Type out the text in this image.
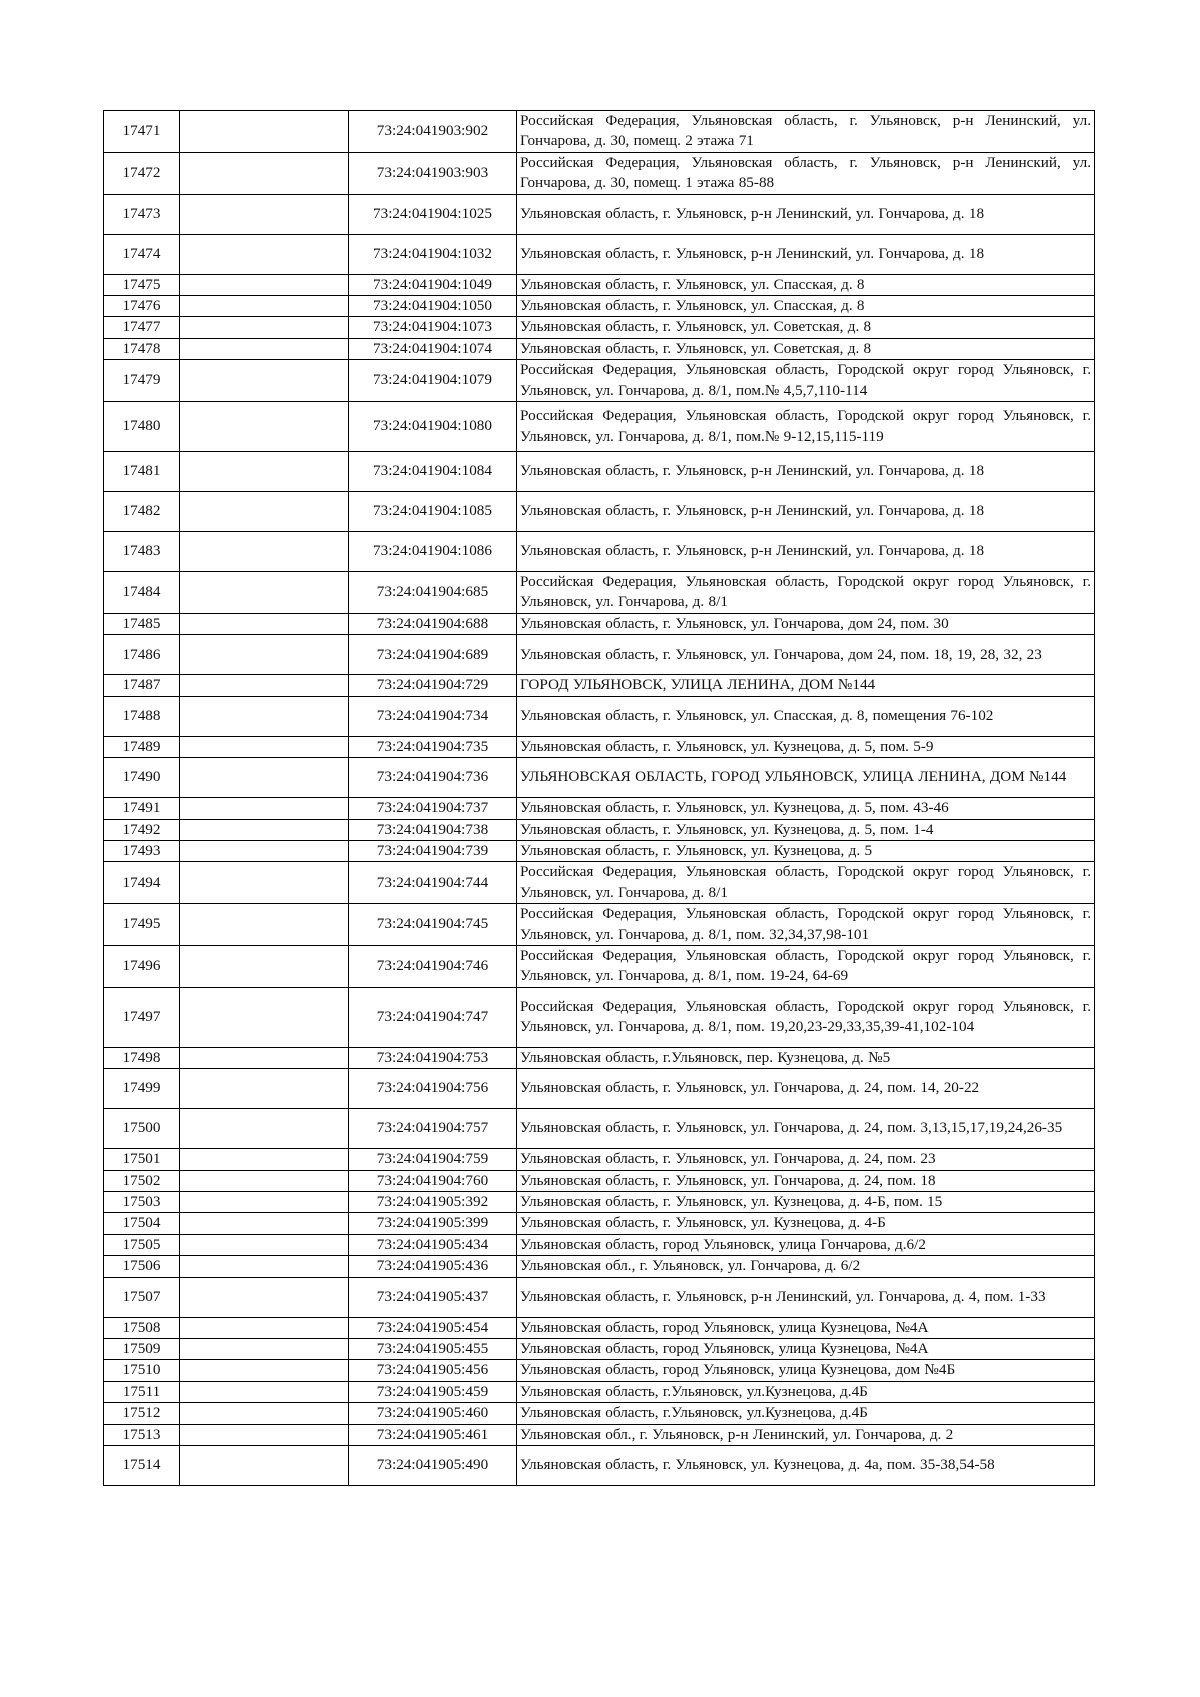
17471		73:24:041903:902	Российская Федерация, Ульяновская область, г. Ульяновск, р-н Ленинский, ул. Гончарова, д. 30, помещ. 2 этажа 71
17472		73:24:041903:903	Российская Федерация, Ульяновская область, г. Ульяновск, р-н Ленинский, ул. Гончарова, д. 30, помещ. 1 этажа 85-88
17473		73:24:041904:1025	Ульяновская область, г. Ульяновск, р-н Ленинский, ул. Гончарова, д. 18
17474		73:24:041904:1032	Ульяновская область, г. Ульяновск, р-н Ленинский, ул. Гончарова, д. 18
17475		73:24:041904:1049	Ульяновская область, г. Ульяновск, ул. Спасская, д. 8
17476		73:24:041904:1050	Ульяновская область, г. Ульяновск, ул. Спасская, д. 8
17477		73:24:041904:1073	Ульяновская область, г. Ульяновск, ул. Советская, д. 8
17478		73:24:041904:1074	Ульяновская область, г. Ульяновск, ул. Советская, д. 8
17479		73:24:041904:1079	Российская Федерация, Ульяновская область, Городской округ город Ульяновск, г. Ульяновск, ул. Гончарова, д. 8/1, пом.№ 4,5,7,110-114
17480		73:24:041904:1080	Российская Федерация, Ульяновская область, Городской округ город Ульяновск, г. Ульяновск, ул. Гончарова, д. 8/1, пом.№ 9-12,15,115-119
17481		73:24:041904:1084	Ульяновская область, г. Ульяновск, р-н Ленинский, ул. Гончарова, д. 18
17482		73:24:041904:1085	Ульяновская область, г. Ульяновск, р-н Ленинский, ул. Гончарова, д. 18
17483		73:24:041904:1086	Ульяновская область, г. Ульяновск, р-н Ленинский, ул. Гончарова, д. 18
17484		73:24:041904:685	Российская Федерация, Ульяновская область, Городской округ город Ульяновск, г. Ульяновск, ул. Гончарова, д. 8/1
17485		73:24:041904:688	Ульяновская область, г. Ульяновск, ул. Гончарова, дом 24, пом. 30
17486		73:24:041904:689	Ульяновская область, г. Ульяновск, ул. Гончарова, дом 24, пом. 18, 19, 28, 32, 23
17487		73:24:041904:729	ГОРОД УЛЬЯНОВСК, УЛИЦА ЛЕНИНА, ДОМ №144
17488		73:24:041904:734	Ульяновская область, г. Ульяновск, ул. Спасская, д. 8, помещения 76-102
17489		73:24:041904:735	Ульяновская область, г. Ульяновск, ул. Кузнецова, д. 5, пом. 5-9
17490		73:24:041904:736	УЛЬЯНОВСКАЯ ОБЛАСТЬ, ГОРОД УЛЬЯНОВСК, УЛИЦА ЛЕНИНА, ДОМ №144
17491		73:24:041904:737	Ульяновская область, г. Ульяновск, ул. Кузнецова, д. 5, пом. 43-46
17492		73:24:041904:738	Ульяновская область, г. Ульяновск, ул. Кузнецова, д. 5, пом. 1-4
17493		73:24:041904:739	Ульяновская область, г. Ульяновск, ул. Кузнецова, д. 5
17494		73:24:041904:744	Российская Федерация, Ульяновская область, Городской округ город Ульяновск, г. Ульяновск, ул. Гончарова, д. 8/1
17495		73:24:041904:745	Российская Федерация, Ульяновская область, Городской округ город Ульяновск, г. Ульяновск, ул. Гончарова, д. 8/1, пом. 32,34,37,98-101
17496		73:24:041904:746	Российская Федерация, Ульяновская область, Городской округ город Ульяновск, г. Ульяновск, ул. Гончарова, д. 8/1, пом. 19-24, 64-69
17497		73:24:041904:747	Российская Федерация, Ульяновская область, Городской округ город Ульяновск, г. Ульяновск, ул. Гончарова, д. 8/1, пом. 19,20,23-29,33,35,39-41,102-104
17498		73:24:041904:753	Ульяновская область, г.Ульяновск, пер. Кузнецова, д. №5
17499		73:24:041904:756	Ульяновская область, г. Ульяновск, ул. Гончарова, д. 24, пом. 14, 20-22
17500		73:24:041904:757	Ульяновская область, г. Ульяновск, ул. Гончарова, д. 24, пом. 3,13,15,17,19,24,26-35
17501		73:24:041904:759	Ульяновская область, г. Ульяновск, ул. Гончарова, д. 24, пом. 23
17502		73:24:041904:760	Ульяновская область, г. Ульяновск, ул. Гончарова, д. 24, пом. 18
17503		73:24:041905:392	Ульяновская область, г. Ульяновск, ул. Кузнецова, д. 4-Б, пом. 15
17504		73:24:041905:399	Ульяновская область, г. Ульяновск, ул. Кузнецова, д. 4-Б
17505		73:24:041905:434	Ульяновская область, город Ульяновск, улица Гончарова, д.6/2
17506		73:24:041905:436	Ульяновская обл., г. Ульяновск, ул. Гончарова, д. 6/2
17507		73:24:041905:437	Ульяновская область, г. Ульяновск, р-н Ленинский, ул. Гончарова, д. 4, пом. 1-33
17508		73:24:041905:454	Ульяновская область, город Ульяновск, улица Кузнецова, №4А
17509		73:24:041905:455	Ульяновская область, город Ульяновск, улица Кузнецова, №4А
17510		73:24:041905:456	Ульяновская область, город Ульяновск, улица Кузнецова, дом №4Б
17511		73:24:041905:459	Ульяновская область, г.Ульяновск, ул.Кузнецова, д.4Б
17512		73:24:041905:460	Ульяновская область, г.Ульяновск, ул.Кузнецова, д.4Б
17513		73:24:041905:461	Ульяновская обл., г. Ульяновск, р-н Ленинский, ул. Гончарова, д. 2
17514		73:24:041905:490	Ульяновская область, г. Ульяновск, ул. Кузнецова, д. 4а, пом. 35-38,54-58
